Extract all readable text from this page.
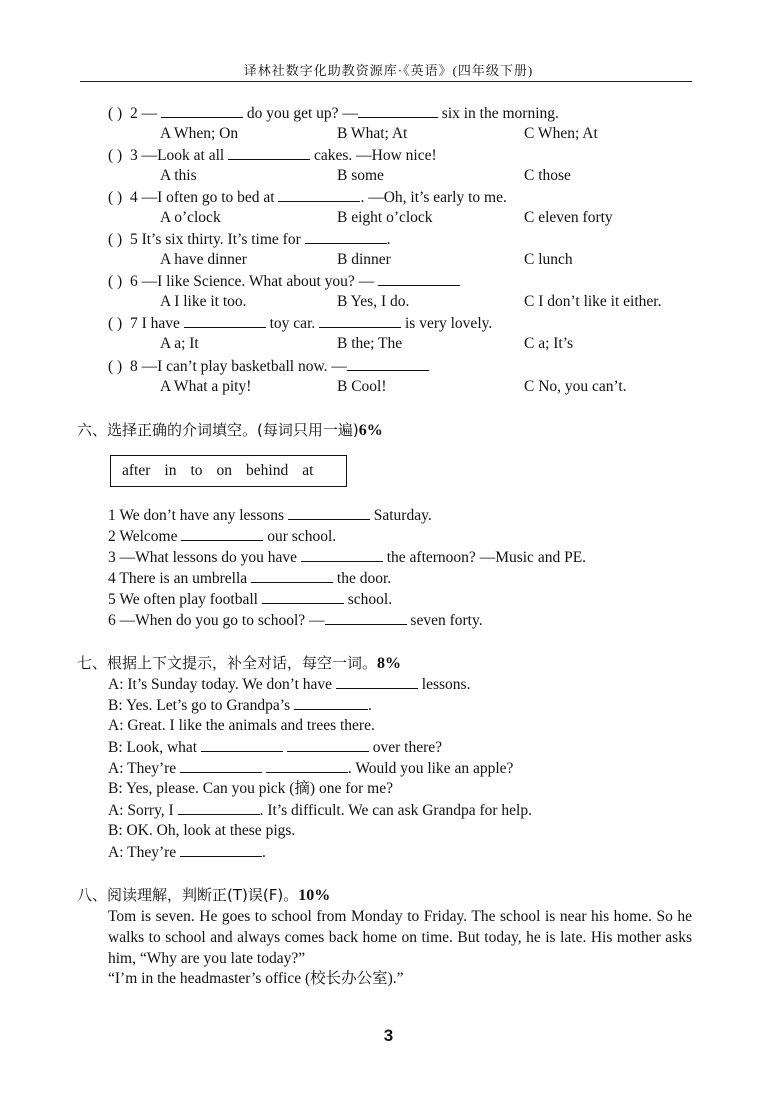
译林社数字化助教资源库·《英语》(四年级下册)
( ) 2 —	do you get up? —	six in the morning.
A When; On	B What; At	C When; At
( ) 3 —Look at all	cakes. —How nice!
A this	B some	C those
( ) 4 —I often go to bed at	. —Oh, it’s early to me.
A o’clock	B eight o’clock	C eleven forty
( ) 5 It’s six thirty. It’s time for	.
A have dinner	B dinner	C lunch
( ) 6 —I like Science. What about you? —
A I like it too.	B Yes, I do.	C I don’t like it either.
( ) 7 I have	toy car.	is very lovely.
A a; It	B the; The	C a; It’s
( ) 8 —I can’t play basketball now. —
A What a pity!	B Cool!	C No, you can’t.
六、选择正确的介词填空。(每词只用一遍)6%
after in to on behind at
1 We don’t have any lessons	Saturday.
2 Welcome	our school.
3 —What lessons do you have	the afternoon? —Music and PE.
4 There is an umbrella	the door.
5 We often play football	school.
6 —When do you go to school? —	seven forty.
七、根据上下文提示，补全对话，每空一词。8%
A: It’s Sunday today. We don’t have	lessons.
B: Yes. Let’s go to Grandpa’s	.
A: Great. I like the animals and trees there.
B: Look, what	over there?
A: They’re	. Would you like an apple?
B: Yes, please. Can you pick (摘) one for me?
A: Sorry, I	. It’s difficult. We can ask Grandpa for help.
B: OK. Oh, look at these pigs.
A: They’re	.
八、阅读理解，判断正(T)误(F)。10%
Tom is seven. He goes to school from Monday to Friday. The school is near his home. So he walks to school and always comes back home on time. But today, he is late. His mother asks him, “Why are you late today?”
“I’m in the headmaster’s office (校长办公室).”
3
